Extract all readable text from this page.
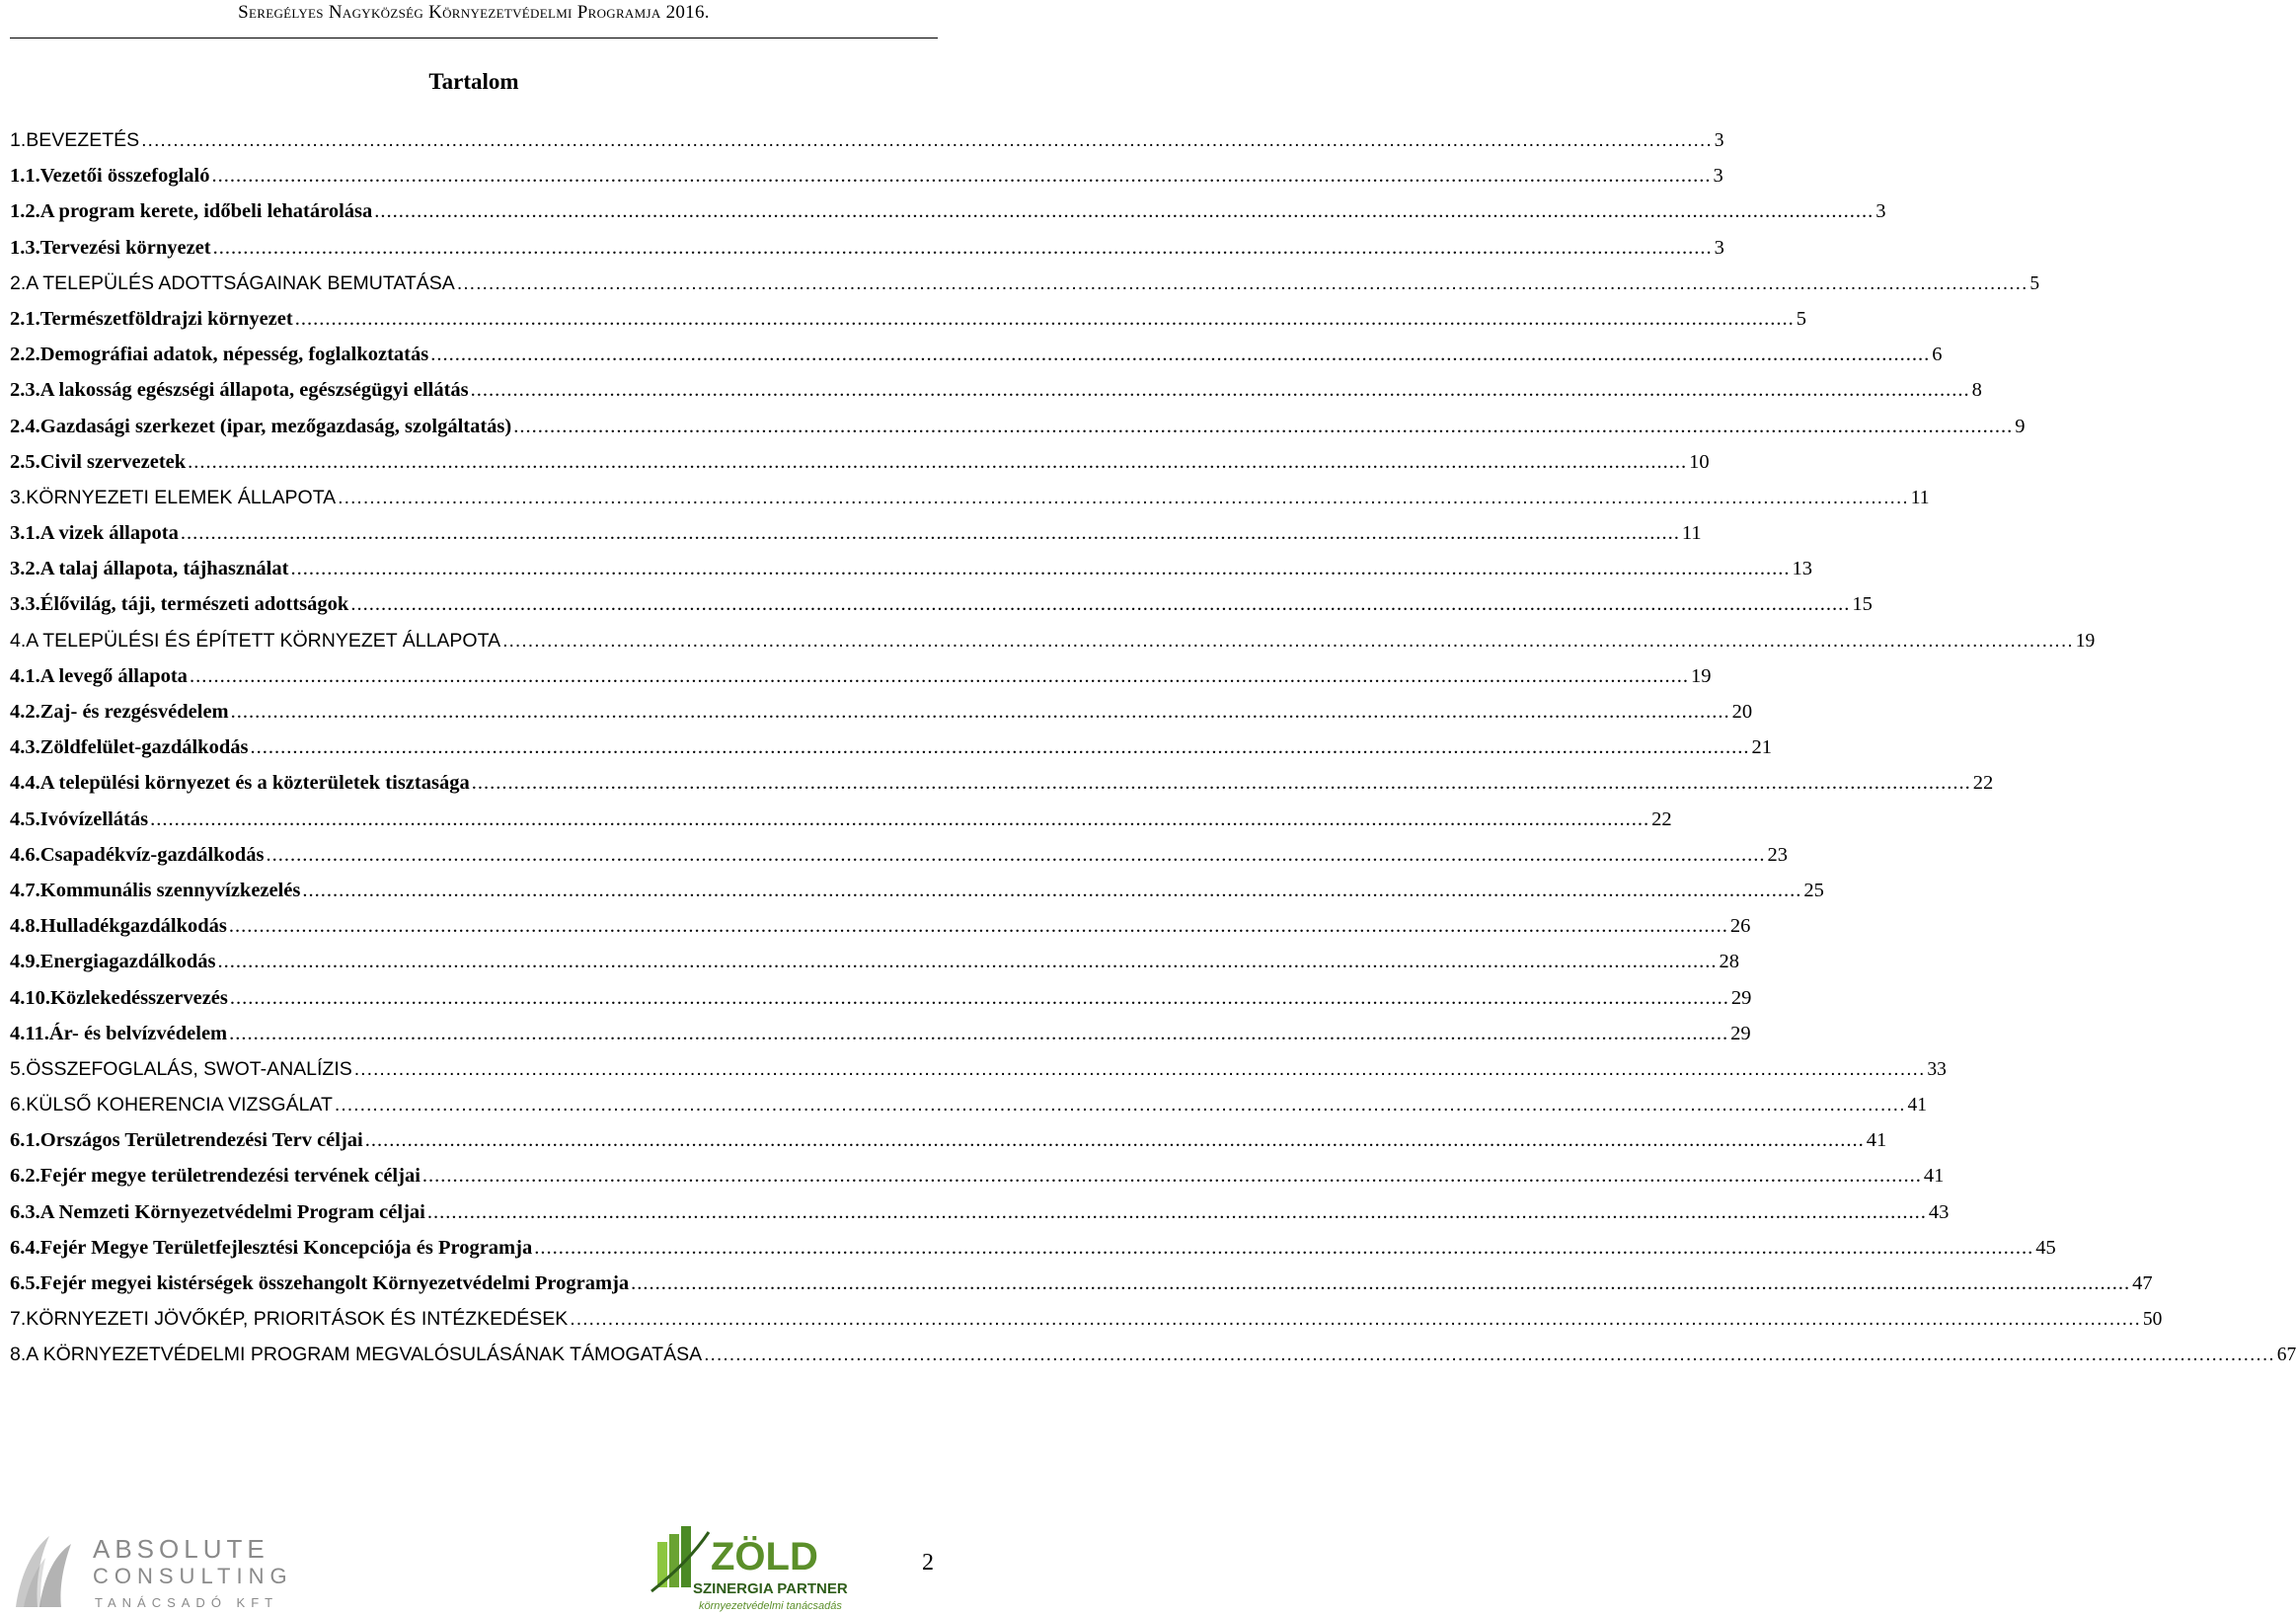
Seregélyes Nagyközség Környezetvédelmi Programja 2016.
Tartalom
1. BEVEZETÉS .....	3
1.1. Vezetői összefoglaló .....	3
1.2. A program kerete, időbeli lehatárolása .....	3
1.3. Tervezési környezet .....	3
2. A TELEPÜLÉS ADOTTSÁGAINAK BEMUTATÁSA .....	5
2.1. Természetföldrajzi környezet .....	5
2.2. Demográfiai adatok, népesség, foglalkoztatás .....	6
2.3. A lakosság egészségi állapota, egészségügyi ellátás .....	8
2.4. Gazdasági szerkezet (ipar, mezőgazdaság, szolgáltatás) .....	9
2.5. Civil szervezetek .....	10
3. KÖRNYEZETI ELEMEK ÁLLAPOTA .....	11
3.1. A vizek állapota .....	11
3.2. A talaj állapota, tájhasználat .....	13
3.3. Élővilág, táji, természeti adottságok .....	15
4. A TELEPÜLÉSI ÉS ÉPÍTETT KÖRNYEZET ÁLLAPOTA .....	19
4.1. A levegő állapota .....	19
4.2. Zaj- és rezgésvédelem .....	20
4.3. Zöldfelület-gazdálkodás .....	21
4.4. A települési környezet és a közterületek tisztasága .....	22
4.5. Ivóvízellátás .....	22
4.6. Csapadékvíz-gazdálkodás .....	23
4.7. Kommunális szennyvízkezelés .....	25
4.8. Hulladékgazdálkodás .....	26
4.9. Energiagazdálkodás .....	28
4.10. Közlekedésszervezés .....	29
4.11. Ár- és belvízvédelem .....	29
5. ÖSSZEFOGLALÁS, SWOT-ANALÍZIS .....	33
6. KÜLSŐ KOHERENCIA VIZSGÁLAT .....	41
6.1. Országos Területrendezési Terv céljai .....	41
6.2. Fejér megye területrendezési tervének céljai .....	41
6.3. A Nemzeti Környezetvédelmi Program céljai .....	43
6.4. Fejér Megye Területfejlesztési Koncepciója és Programja .....	45
6.5. Fejér megyei kistérségek összehangolt Környezetvédelmi Programja .....	47
7. KÖRNYEZETI JÖVŐKÉP, PRIORITÁSOK ÉS INTÉZKEDÉSEK .....	50
8. A KÖRNYEZETVÉDELMI PROGRAM MEGVALÓSULÁSÁNAK TÁMOGATÁSA .....	67
ABSOLUTE
CONSULTING
TANÁCSADÓ KFT
ZÖLD
SZINERGIA PARTNER
környezetvédelmi tanácsadás
2
